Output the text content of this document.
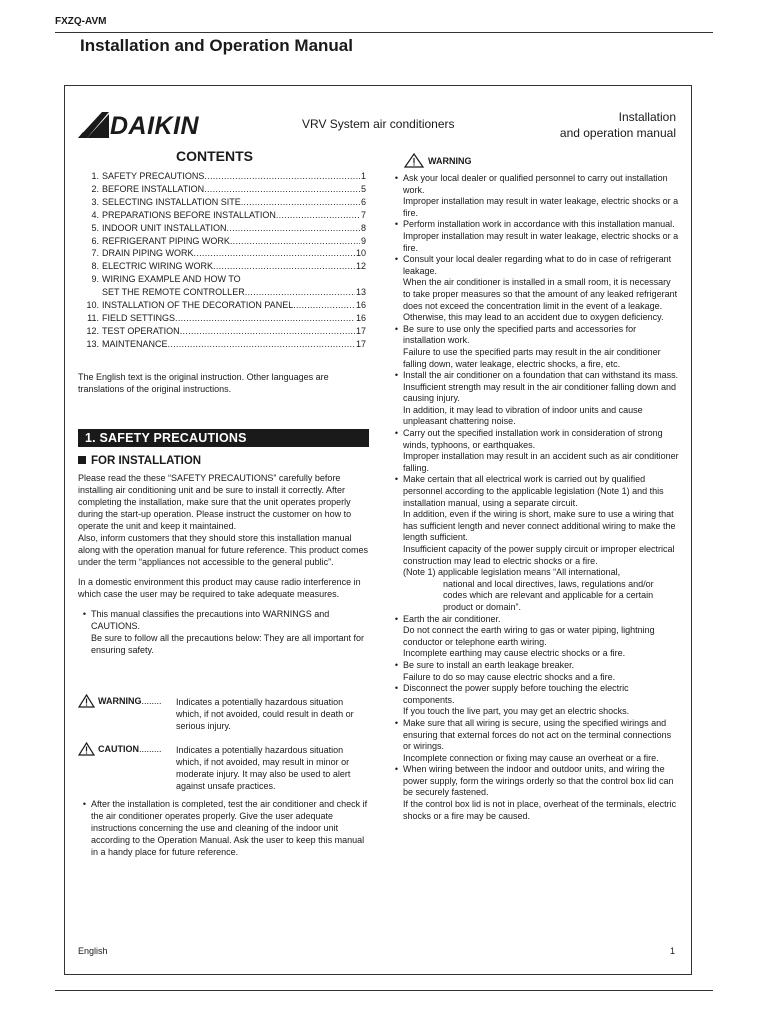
FXZQ-AVM
Installation and Operation Manual
DAIKIN	VRV System air conditioners	Installation
and operation manual
CONTENTS
1. SAFETY PRECAUTIONS .....	1
2. BEFORE INSTALLATION .....	5
3. SELECTING INSTALLATION SITE .....	6
4. PREPARATIONS BEFORE INSTALLATION .....	7
5. INDOOR UNIT INSTALLATION .....	8
6. REFRIGERANT PIPING WORK .....	9
7. DRAIN PIPING WORK .....	10
8. ELECTRIC WIRING WORK .....	12
9. WIRING EXAMPLE AND HOW TO
SET THE REMOTE CONTROLLER .....	13
10. INSTALLATION OF THE DECORATION PANEL .....	16
11. FIELD SETTINGS .....	16
12. TEST OPERATION .....	17
13. MAINTENANCE .....	17
The English text is the original instruction. Other languages are translations of the original instructions.
1. SAFETY PRECAUTIONS
FOR INSTALLATION

Please read the these “SAFETY PRECAUTIONS” carefully before installing air conditioning unit and be sure to install it correctly. After completing the installation, make sure that the unit operates properly during the start-up operation. Please instruct the customer on how to operate the unit and keep it maintained.

Also, inform customers that they should store this installation manual along with the operation manual for future reference. This product comes under the term “appliances not accessible to the general public”.

In a domestic environment this product may cause radio interference in which case the user may be required to take adequate measures.

• This manual classifies the precautions into WARNINGS and CAUTIONS.
Be sure to follow all the precautions below: They are all important for ensuring safety.
WARNING ........ Indicates a potentially hazardous situation which, if not avoided, could result in death or serious injury.
CAUTION ......... Indicates a potentially hazardous situation which, if not avoided, may result in minor or moderate injury. It may also be used to alert against unsafe practices.
• After the installation is completed, test the air conditioner and check if the air conditioner operates properly. Give the user adequate instructions concerning the use and cleaning of the indoor unit according to the Operation Manual. Ask the user to keep this manual in a handy place for future reference.
WARNING
• Ask your local dealer or qualified personnel to carry out installation work.
Improper installation may result in water leakage, electric shocks or a fire.
• Perform installation work in accordance with this installation manual.
Improper installation may result in water leakage, electric shocks or a fire.
• Consult your local dealer regarding what to do in case of refrigerant leakage.
When the air conditioner is installed in a small room, it is necessary to take proper measures so that the amount of any leaked refrigerant does not exceed the concentration limit in the event of a leakage.
Otherwise, this may lead to an accident due to oxygen deficiency.
• Be sure to use only the specified parts and accessories for installation work.
Failure to use the specified parts may result in the air conditioner falling down, water leakage, electric shocks, a fire, etc.
• Install the air conditioner on a foundation that can withstand its mass.
Insufficient strength may result in the air conditioner falling down and causing injury.
In addition, it may lead to vibration of indoor units and cause unpleasant chattering noise.
• Carry out the specified installation work in consideration of strong winds, typhoons, or earthquakes.
Improper installation may result in an accident such as air conditioner falling.
• Make certain that all electrical work is carried out by qualified personnel according to the applicable legislation (Note 1) and this installation manual, using a separate circuit.
In addition, even if the wiring is short, make sure to use a wiring that has sufficient length and never connect additional wiring to make the length sufficient.
Insufficient capacity of the power supply circuit or improper electrical construction may lead to electric shocks or a fire.
(Note 1) applicable legislation means “All international,
national and local directives, laws, regulations and/or codes which are relevant and applicable for a certain product or domain”.
• Earth the air conditioner.
Do not connect the earth wiring to gas or water piping, lightning conductor or telephone earth wiring.
Incomplete earthing may cause electric shocks or a fire.
• Be sure to install an earth leakage breaker.
Failure to do so may cause electric shocks and a fire.
• Disconnect the power supply before touching the electric components.
If you touch the live part, you may get an electric shocks.
• Make sure that all wiring is secure, using the specified wirings and ensuring that external forces do not act on the terminal connections or wirings.
Incomplete connection or fixing may cause an overheat or a fire.
• When wiring between the indoor and outdoor units, and wiring the power supply, form the wirings orderly so that the control box lid can be securely fastened.
If the control box lid is not in place, overheat of the terminals, electric shocks or a fire may be caused.
English	1
